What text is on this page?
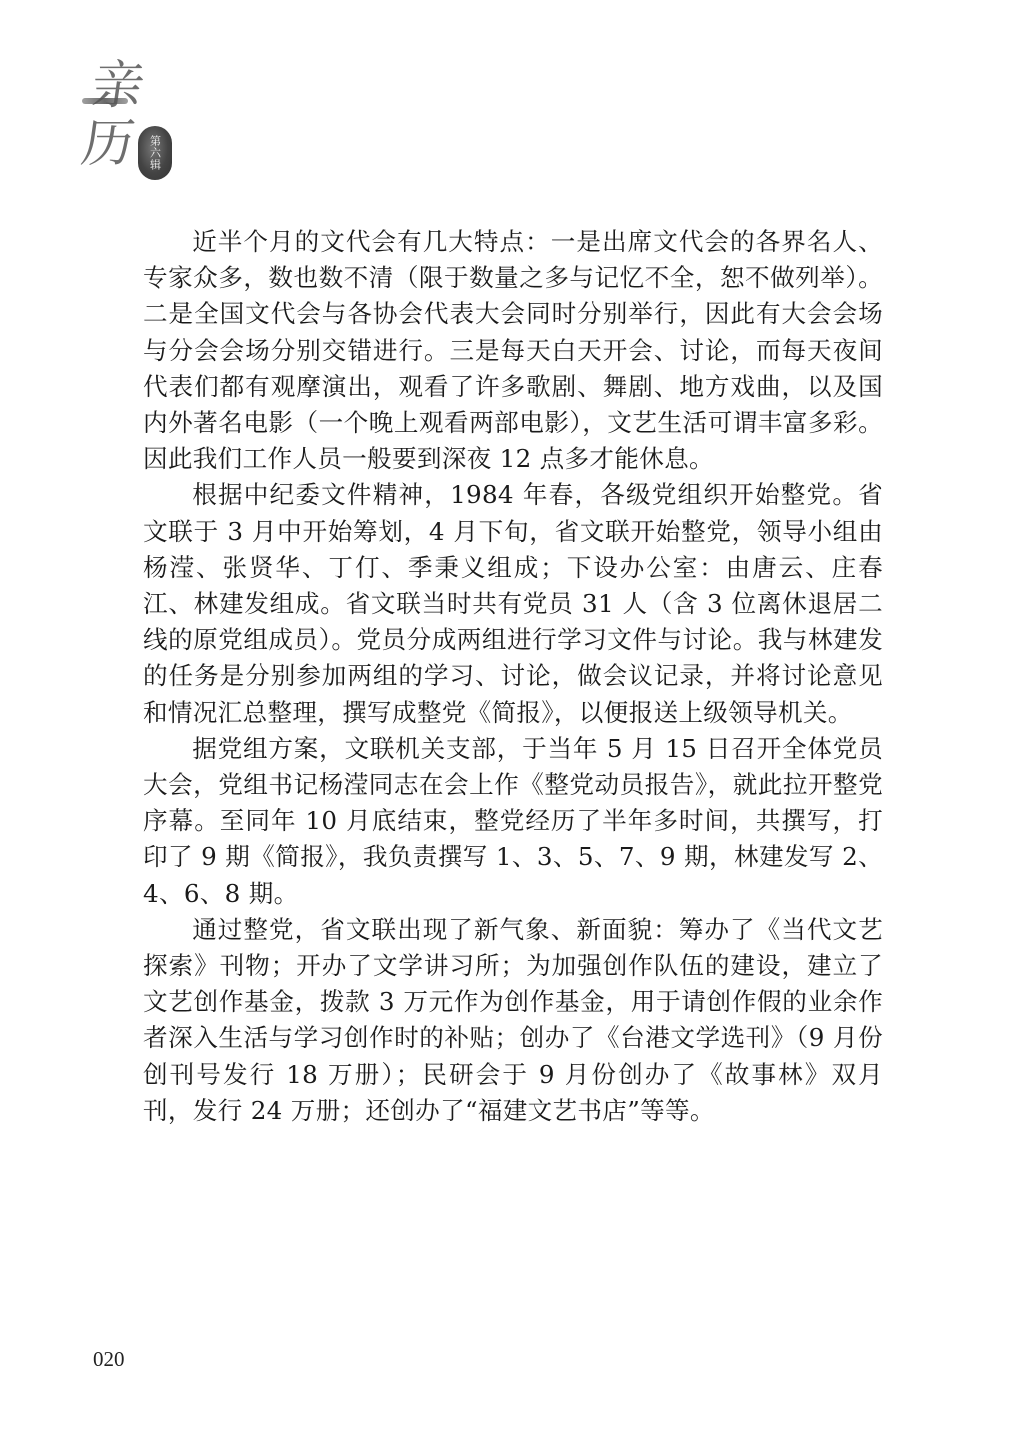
亲
历 第六辑

近半个月的文代会有几大特点：一是出席文代会的各界名人、专家众多，数也数不清（限于数量之多与记忆不全，恕不做列举）。二是全国文代会与各协会代表大会同时分别举行，因此有大会会场与分会会场分别交错进行。三是每天白天开会、讨论，而每天夜间代表们都有观摩演出，观看了许多歌剧、舞剧、地方戏曲，以及国内外著名电影（一个晚上观看两部电影），文艺生活可谓丰富多彩。因此我们工作人员一般要到深夜 12 点多才能休息。

根据中纪委文件精神，1984 年春，各级党组织开始整党。省文联于 3 月中开始筹划，4 月下旬，省文联开始整党，领导小组由杨滢、张贤华、丁仃、季秉义组成；下设办公室：由唐云、庄春江、林建发组成。省文联当时共有党员 31 人（含 3 位离休退居二线的原党组成员）。党员分成两组进行学习文件与讨论。我与林建发的任务是分别参加两组的学习、讨论，做会议记录，并将讨论意见和情况汇总整理，撰写成整党《简报》，以便报送上级领导机关。

据党组方案，文联机关支部，于当年 5 月 15 日召开全体党员大会，党组书记杨滢同志在会上作《整党动员报告》，就此拉开整党序幕。至同年 10 月底结束，整党经历了半年多时间，共撰写，打印了 9 期《简报》，我负责撰写 1、3、5、7、9 期，林建发写 2、4、6、8 期。

通过整党，省文联出现了新气象、新面貌：筹办了《当代文艺探索》刊物；开办了文学讲习所；为加强创作队伍的建设，建立了文艺创作基金，拨款 3 万元作为创作基金，用于请创作假的业余作者深入生活与学习创作时的补贴；创办了《台港文学选刊》（9 月份创刊号发行 18 万册）；民研会于 9 月份创办了《故事林》双月刊，发行 24 万册；还创办了“福建文艺书店”等等。

020
